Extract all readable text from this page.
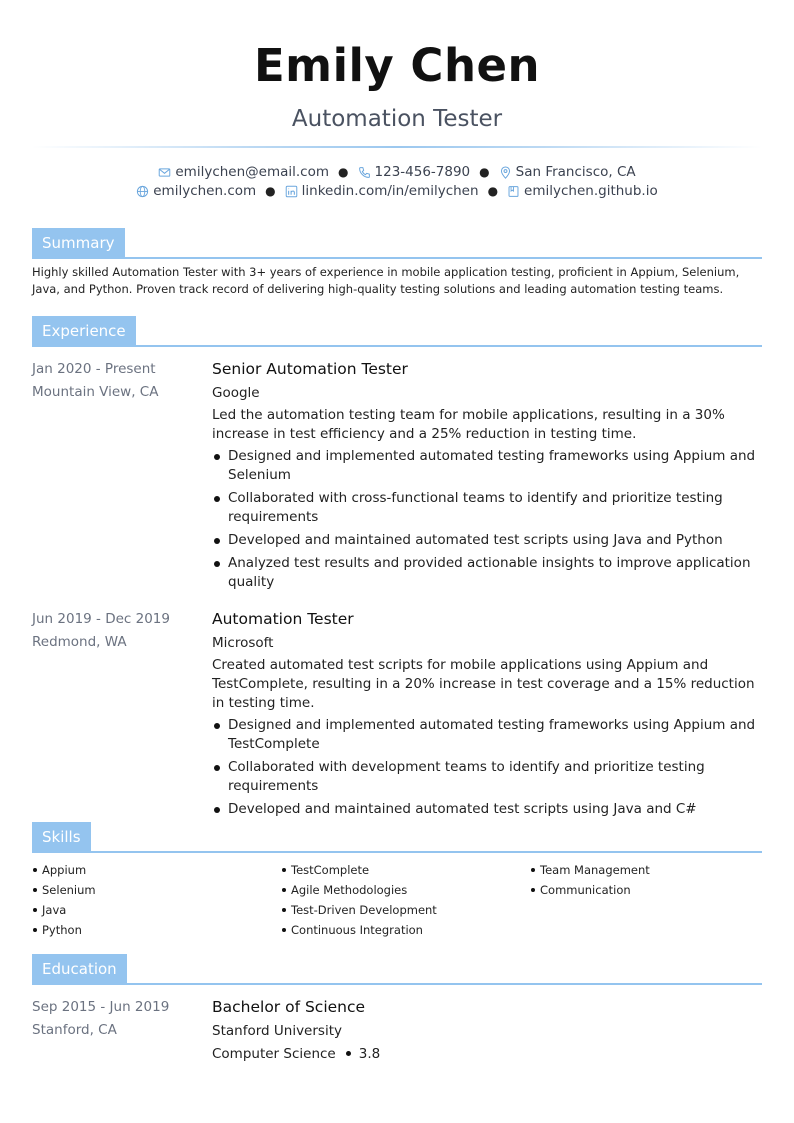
Emily Chen
Automation Tester
emilychen@email.com ● 123-456-7890 ● San Francisco, CA
emilychen.com ● linkedin.com/in/emilychen ● emilychen.github.io
Summary

Highly skilled Automation Tester with 3+ years of experience in mobile application testing, proficient in Appium, Selenium, Java, and Python. Proven track record of delivering high-quality testing solutions and leading automation testing teams.

Experience
Jan 2020 - Present
Mountain View, CA
Senior Automation Tester
Google
Led the automation testing team for mobile applications, resulting in a 30% increase in test efficiency and a 25% reduction in testing time.
Designed and implemented automated testing frameworks using Appium and Selenium
Collaborated with cross-functional teams to identify and prioritize testing requirements
Developed and maintained automated test scripts using Java and Python
Analyzed test results and provided actionable insights to improve application quality
Jun 2019 - Dec 2019
Redmond, WA
Automation Tester
Microsoft
Created automated test scripts for mobile applications using Appium and TestComplete, resulting in a 20% increase in test coverage and a 15% reduction in testing time.
Designed and implemented automated testing frameworks using Appium and TestComplete
Collaborated with development teams to identify and prioritize testing requirements
Developed and maintained automated test scripts using Java and C#
Skills
Appium
Selenium
Java
Python
TestComplete
Agile Methodologies
Test-Driven Development
Continuous Integration
Team Management
Communication
Education
Sep 2015 - Jun 2019
Stanford, CA
Bachelor of Science
Stanford University
Computer Science 3.8
